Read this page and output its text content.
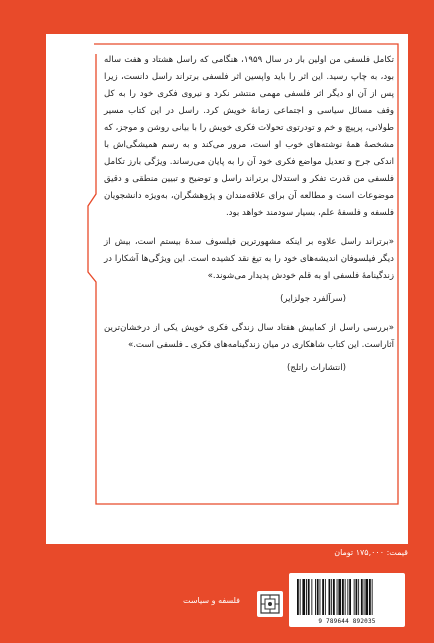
تکامل فلسفی من اولین بار در سال ۱۹۵۹، هنگامی که راسل هشتاد و هفت ساله بود، به چاپ رسید. این اثر را باید واپسین اثر فلسفی برتراند راسل دانست، زیرا پس از آن او دیگر اثر فلسفی مهمی منتشر نکرد و نیروی فکری خود را به کل وقف مسائل سیاسی و اجتماعی زمانهٔ خویش کرد. راسل در این کتاب مسیر طولانی، پرپیچ و خم و تودرتوی تحولات فکری خویش را با بیانی روشن و موجز، که مشخصهٔ همهٔ نوشته‌های خوب او است، مرور می‌کند و به رسم همیشگی‌اش با اندکی جرح و تعدیل مواضع فکری خود آن را به پایان می‌رساند. ویژگی بارز تکامل فلسفی من قدرت تفکر و استدلال برتراند راسل و توضیح و تبیین منطقی و دقیق موضوعات است و مطالعه آن برای علاقه‌مندان و پژوهشگران، به‌ویژه دانشجویان فلسفه و فلسفهٔ علم، بسیار سودمند خواهد بود.

«برتراند راسل علاوه بر اینکه مشهورترین فیلسوف سدهٔ بیستم است، بیش از دیگر فیلسوفان اندیشه‌های خود را به تیغ نقد کشیده است. این ویژگی‌ها آشکارا در زندگینامهٔ فلسفی او به قلم خودش پدیدار می‌شوند.»

(سرآلفرد جولزایر)

«بررسی راسل از کمابیش هفتاد سال زندگی فکری خویش یکی از درخشان‌ترین آثاراست. این کتاب شاهکاری در میان زندگینامه‌های فکری ـ فلسفی است.»

(انتشارات راتلج)

قیمت: ۱۷۵,۰۰۰ تومان
9 789644 892035
فلسفه و سیاست
